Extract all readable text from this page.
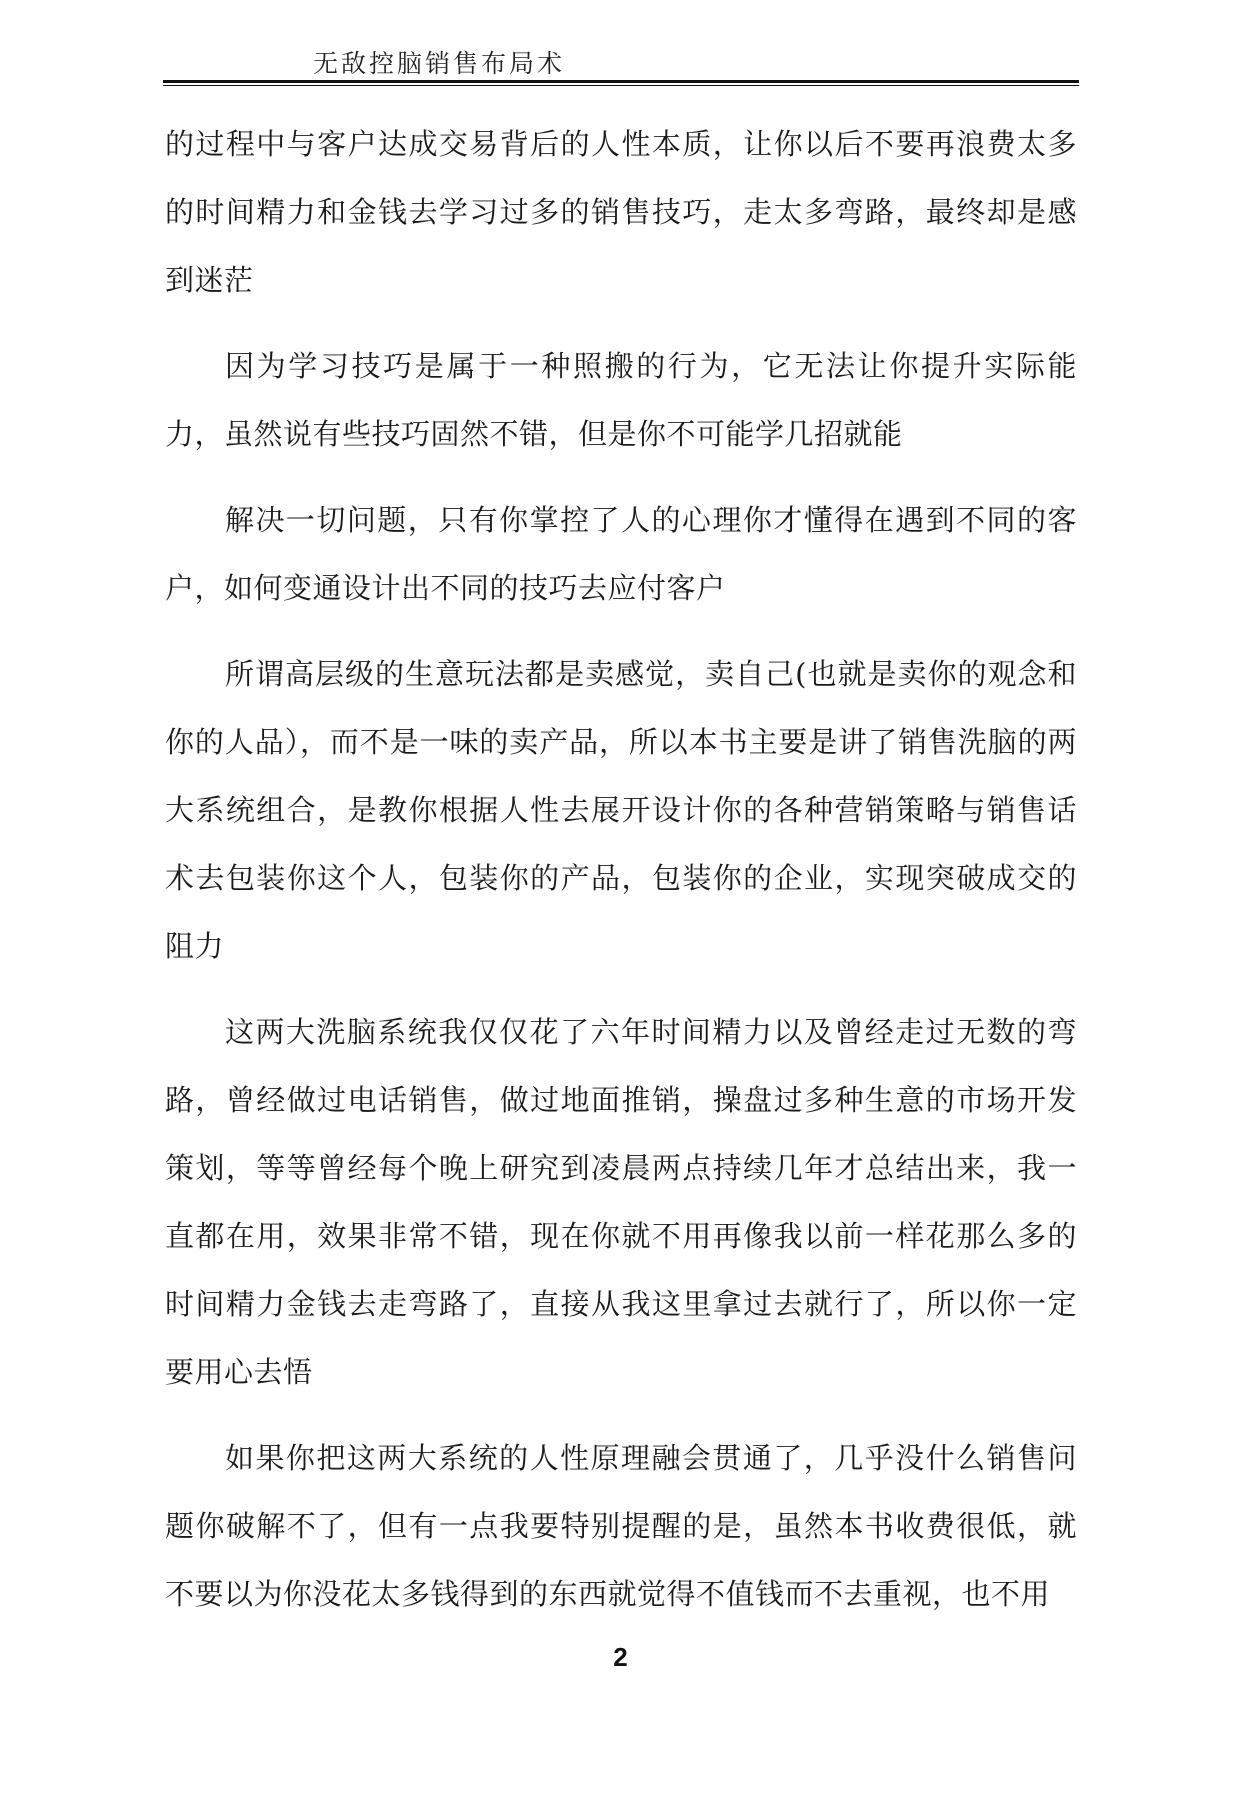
无敌控脑销售布局术

的过程中与客户达成交易背后的人性本质，让你以后不要再浪费太多的时间精力和金钱去学习过多的销售技巧，走太多弯路，最终却是感到迷茫

因为学习技巧是属于一种照搬的行为，它无法让你提升实际能力，虽然说有些技巧固然不错，但是你不可能学几招就能

解决一切问题，只有你掌控了人的心理你才懂得在遇到不同的客户，如何变通设计出不同的技巧去应付客户

所谓高层级的生意玩法都是卖感觉，卖自己(也就是卖你的观念和你的人品），而不是一味的卖产品，所以本书主要是讲了销售洗脑的两大系统组合，是教你根据人性去展开设计你的各种营销策略与销售话术去包装你这个人，包装你的产品，包装你的企业，实现突破成交的阻力

这两大洗脑系统我仅仅花了六年时间精力以及曾经走过无数的弯路，曾经做过电话销售，做过地面推销，操盘过多种生意的市场开发策划，等等曾经每个晚上研究到凌晨两点持续几年才总结出来，我一直都在用，效果非常不错，现在你就不用再像我以前一样花那么多的时间精力金钱去走弯路了，直接从我这里拿过去就行了，所以你一定要用心去悟

如果你把这两大系统的人性原理融会贯通了，几乎没什么销售问题你破解不了，但有一点我要特别提醒的是，虽然本书收费很低，就不要以为你没花太多钱得到的东西就觉得不值钱而不去重视，也不用

2
